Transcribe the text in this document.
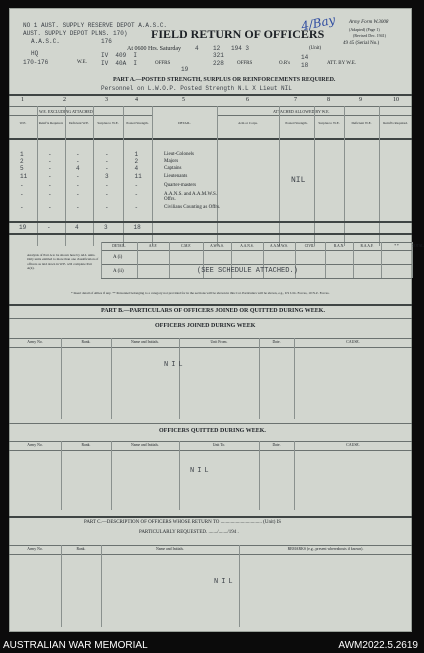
NO 1 AUST. SUPPLY RESERVE DEPOT A.A.S.C.
AUST. SUPPLY DEPOT PLNS. 170)
A.A.S.C.	176
FIELD RETURN OF OFFICERS
4/Bay Army Form W.3008
(Adapted) (Page 1)
(Revised Dec. 1941)
49 45 (Serial No.)
HQ
170-176	W.E.
At 0600 Hrs. Saturday 4 12 194 3	(Unit)
IV  409  I
IV  40A  I	OFFRS
19
321
228	OFFRS	O.R's
14
18	ATT. BY W.E.
PART A.—POSTED STRENGTH, SURPLUS OR REINFORCEMENTS REQUIRED.
Personnel on L.W.O.P. Posted Strength N.L X Lieut NIL
1	2	3	4	5	6	7	8	9	10
W.E. EXCLUDING ATTACHED.	ATTACHED ALLOWED BY W.E.
W.E.	Reinf'ts Required.	Deficient W.E.	Surplus to W.E.	Posted Strength.	DETAIL.	Arm or Corps.	Posted Strength.	Surplus to W.E.	Deficient W.E.	Reinf'ts Required.
Lieut-Colonels
1	-	-	-	1
Majors
2	-	-	-	2
Captains
5	-	4	-	4
Lieutenants
11	-	-	3	11
Quarter-masters
-	-	-	-	-
A.A.N.S. and A.A.M.W.S. Offrs.
-	-	-	-	-
Civilians Counting as Offrs.
-	-	-	-	-
NIL
19	-	4	3	18
Analysis of Part A to be shown here by ALL units. Only units entitled to more than one classification of officers as laid down in W.E. will complete Part A(ii).
DETAIL.	A.I.F.	C.M.F.	A.W.A.S.	A.A.N.S.	A.A.M.W.S.	CIVIL.	R.A.N.	R.A.A.F.	* *	TOTAL.
A (i)
A (ii)	(SEE SCHEDULE ATTACHED.)
* Insert detail of Allies if any. ** Personnel belonging to a category not provided for in the sections will be shown in this Col. Particulars will be shown, e.g., US U.K. Forces, 10 N.Z. Forces.
PART B.—PARTICULARS OF OFFICERS JOINED OR QUITTED DURING WEEK.
OFFICERS JOINED DURING WEEK
Army No.	Rank.	Name and Initials.	Unit From.	Date.	CAUSE.
NIL
OFFICERS QUITTED DURING WEEK.
Army No.	Rank.	Name and Initials.	Unit To.	Date.	CAUSE.
NIL
PART C.—DESCRIPTION OF OFFICERS WHOSE RETURN TO ................................. (Unit) IS
PARTICULARLY REQUESTED. ......./......./194 .
Army No.	Rank.	Name and Initials.	REMARKS (e.g., present whereabouts if known).
NIL
AUSTRALIAN WAR MEMORIAL	AWM2022.5.2619
